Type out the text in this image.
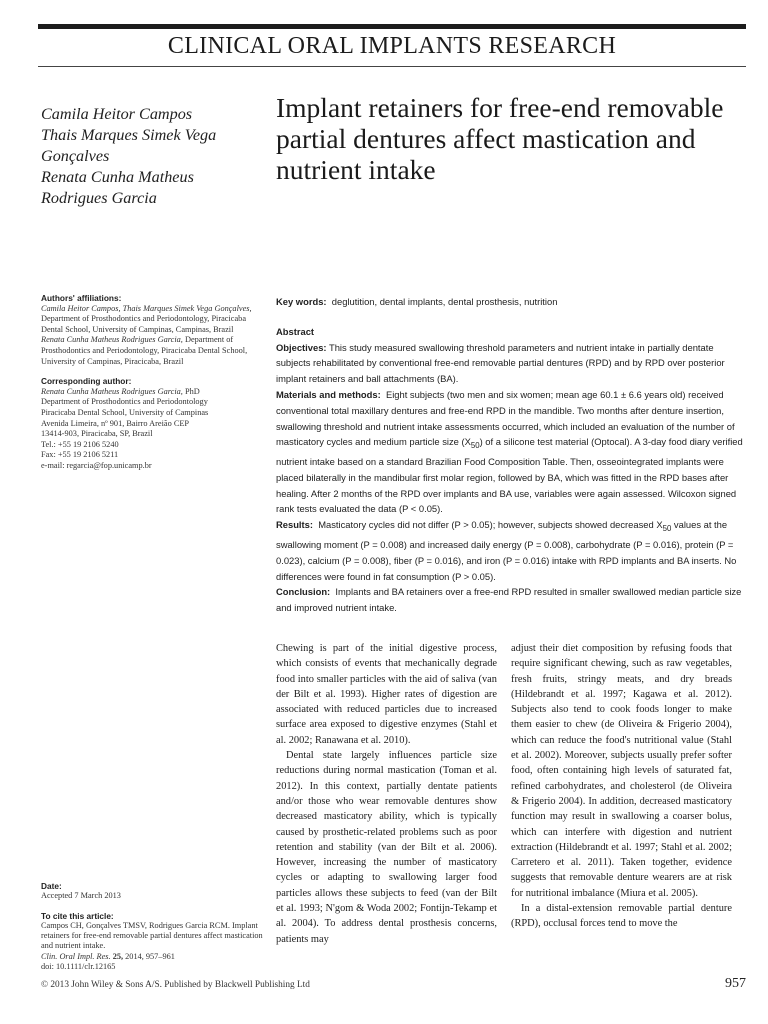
CLINICAL ORAL IMPLANTS RESEARCH
Camila Heitor Campos
Thais Marques Simek Vega
Gonçalves
Renata Cunha Matheus
Rodrigues Garcia
Implant retainers for free-end removable partial dentures affect mastication and nutrient intake
Authors' affiliations:
Camila Heitor Campos, Thais Marques Simek Vega Gonçalves, Department of Prosthodontics and Periodontology, Piracicaba Dental School, University of Campinas, Campinas, Brazil
Renata Cunha Matheus Rodrigues Garcia, Department of Prosthodontics and Periodontology, Piracicaba Dental School, University of Campinas, Piracicaba, Brazil
Corresponding author:
Renata Cunha Matheus Rodrigues Garcia, PhD
Department of Prosthodontics and Periodontology
Piracicaba Dental School, University of Campinas
Avenida Limeira, nº 901, Bairro Areião CEP
13414-903, Piracicaba, SP, Brazil
Tel.: +55 19 2106 5240
Fax: +55 19 2106 5211
e-mail: regarcia@fop.unicamp.br
Date:
Accepted 7 March 2013
To cite this article:
Campos CH, Gonçalves TMSV, Rodrigues Garcia RCM. Implant retainers for free-end removable partial dentures affect mastication and nutrient intake.
Clin. Oral Impl. Res. 25, 2014, 957–961
doi: 10.1111/clr.12165
Key words: deglutition, dental implants, dental prosthesis, nutrition

Abstract

Objectives: This study measured swallowing threshold parameters and nutrient intake in partially dentate subjects rehabilitated by conventional free-end removable partial dentures (RPD) and by RPD over posterior implant retainers and ball attachments (BA).

Materials and methods: Eight subjects (two men and six women; mean age 60.1 ± 6.6 years old) received conventional total maxillary dentures and free-end RPD in the mandible. Two months after denture insertion, swallowing threshold and nutrient intake assessments occurred, which included an evaluation of the number of masticatory cycles and medium particle size $(X_{50})$ of a silicone test material (Optocal). A 3-day food diary verified nutrient intake based on a standard Brazilian Food Composition Table. Then, osseointegrated implants were placed bilaterally in the mandibular first molar region, followed by BA, which was fitted in the RPD bases after healing. After 2 months of the RPD over implants and BA use, variables were again assessed. Wilcoxon signed rank tests evaluated the data (P < 0.05).

Results: Masticatory cycles did not differ (P > 0.05); however, subjects showed decreased $X_{50}$ values at the swallowing moment (P = 0.008) and increased daily energy (P = 0.008), carbohydrate (P = 0.016), protein (P = 0.023), calcium (P = 0.008), fiber (P = 0.016), and iron (P = 0.016) intake with RPD implants and BA inserts. No differences were found in fat consumption (P > 0.05).

Conclusion: Implants and BA retainers over a free-end RPD resulted in smaller swallowed median particle size and improved nutrient intake.

Chewing is part of the initial digestive process, which consists of events that mechanically degrade food into smaller particles with the aid of saliva (van der Bilt et al. 1993). Higher rates of digestion are associated with reduced particles due to increased surface area exposed to digestive enzymes (Stahl et al. 2002; Ranawana et al. 2010).

Dental state largely influences particle size reductions during normal mastication (Toman et al. 2012). In this context, partially dentate patients and/or those who wear removable dentures show decreased masticatory ability, which is typically caused by prosthetic-related problems such as poor retention and stability (van der Bilt et al. 2006). However, increasing the number of masticatory cycles or adapting to swallowing larger food particles allows these subjects to feed (van der Bilt et al. 1993; N'gom & Woda 2002; Fontijn-Tekamp et al. 2004). To address dental prosthesis concerns, patients may

adjust their diet composition by refusing foods that require significant chewing, such as raw vegetables, fresh fruits, stringy meats, and dry breads (Hildebrandt et al. 1997; Kagawa et al. 2012). Subjects also tend to cook foods longer to make them easier to chew (de Oliveira & Frigerio 2004), which can reduce the food's nutritional value (Stahl et al. 2002). Moreover, subjects usually prefer softer food, often containing high levels of saturated fat, refined carbohydrates, and cholesterol (de Oliveira & Frigerio 2004). In addition, decreased masticatory function may result in swallowing a coarser bolus, which can interfere with digestion and nutrient extraction (Hildebrandt et al. 1997; Stahl et al. 2002; Carretero et al. 2011). Taken together, evidence suggests that removable denture wearers are at risk for nutritional imbalance (Miura et al. 2005).

In a distal-extension removable partial denture (RPD), occlusal forces tend to move the

© 2013 John Wiley & Sons A/S. Published by Blackwell Publishing Ltd	957
